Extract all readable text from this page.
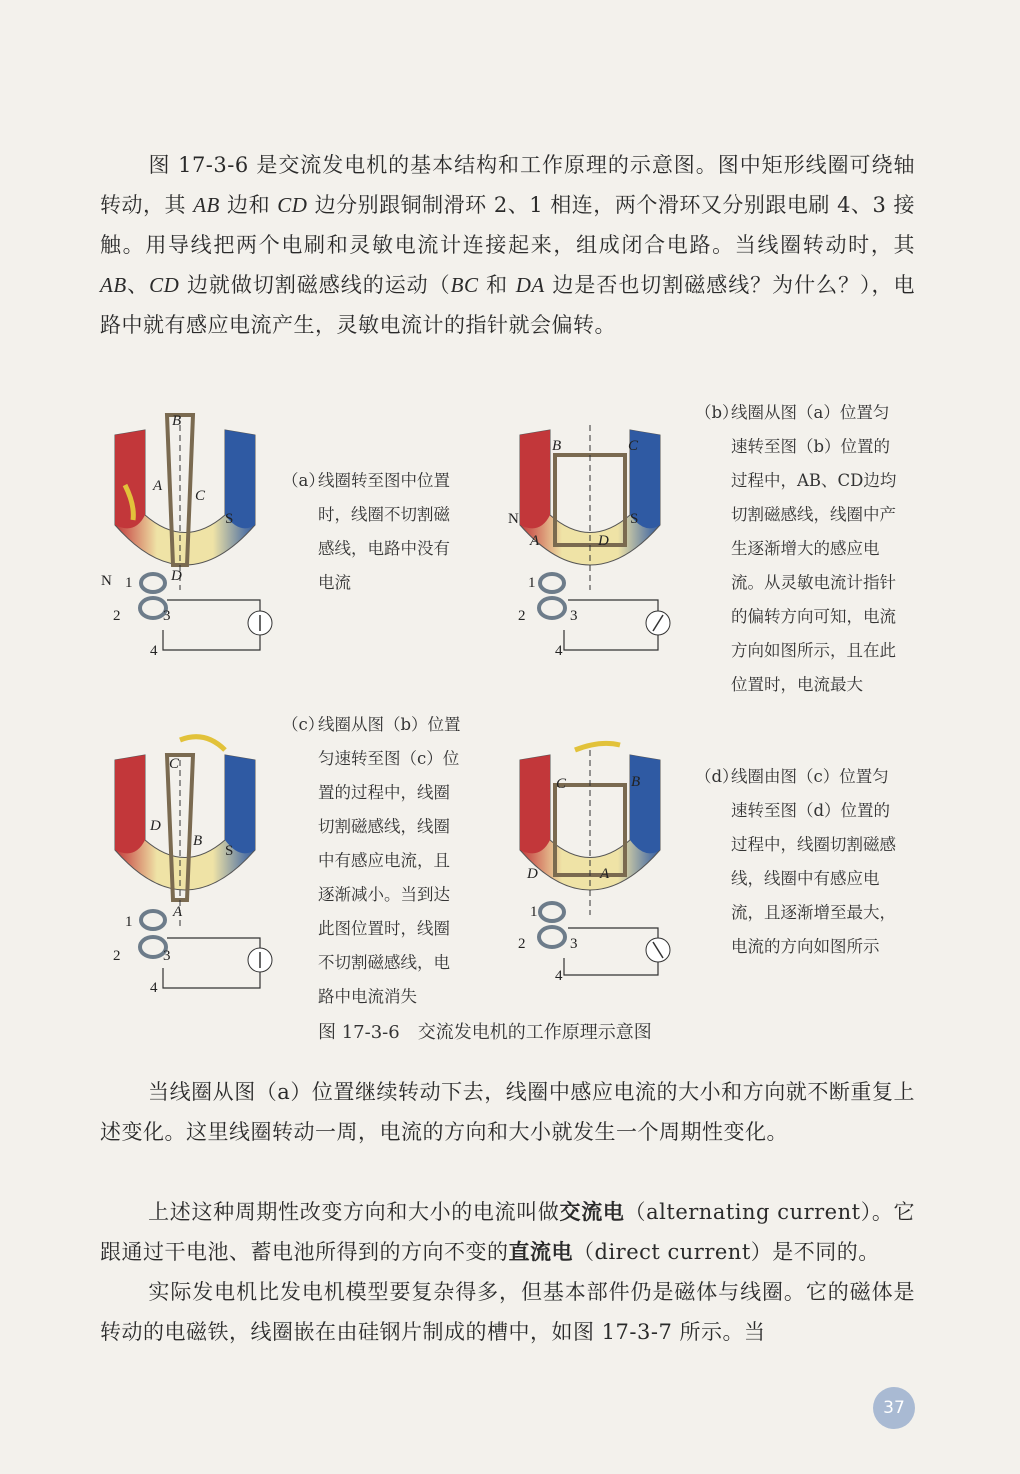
图 17-3-6 是交流发电机的基本结构和工作原理的示意图。图中矩形线圈可绕轴转动，其 AB 边和 CD 边分别跟铜制滑环 2、1 相连，两个滑环又分别跟电刷 4、3 接触。用导线把两个电刷和灵敏电流计连接起来，组成闭合电路。当线圈转动时，其 AB、CD 边就做切割磁感线的运动（BC 和 DA 边是否也切割磁感线？为什么？），电路中就有感应电流产生，灵敏电流计的指针就会偏转。
N
S
B
A
C
D
1
2	3
4
（a）线圈转至图中位置
时，线圈不切割磁
感线，电路中没有
电流
N	S
B	C
A	D
1
2	3
4
（b）线圈从图（a）位置匀
速转至图（b）位置的
过程中，AB、CD边均
切割磁感线，线圈中产
生逐渐增大的感应电
流。从灵敏电流计指针
的偏转方向可知，电流
方向如图所示，且在此
位置时，电流最大
S
C
D
B
A
1
2	3
4
（c）线圈从图（b）位置
匀速转至图（c）位
置的过程中，线圈
切割磁感线，线圈
中有感应电流，且
逐渐减小。当到达
此图位置时，线圈
不切割磁感线，电
路中电流消失
C	B
D	A
1
2	3
4
（d）线圈由图（c）位置匀
速转至图（d）位置的
过程中，线圈切割磁感
线，线圈中有感应电
流，且逐渐增至最大，
电流的方向如图所示
图 17-3-6　交流发电机的工作原理示意图
当线圈从图（a）位置继续转动下去，线圈中感应电流的大小和方向就不断重复上述变化。这里线圈转动一周，电流的方向和大小就发生一个周期性变化。
上述这种周期性改变方向和大小的电流叫做交流电（alternating current）。它跟通过干电池、蓄电池所得到的方向不变的直流电（direct current）是不同的。
实际发电机比发电机模型要复杂得多，但基本部件仍是磁体与线圈。它的磁体是转动的电磁铁，线圈嵌在由硅钢片制成的槽中，如图 17-3-7 所示。当
37
